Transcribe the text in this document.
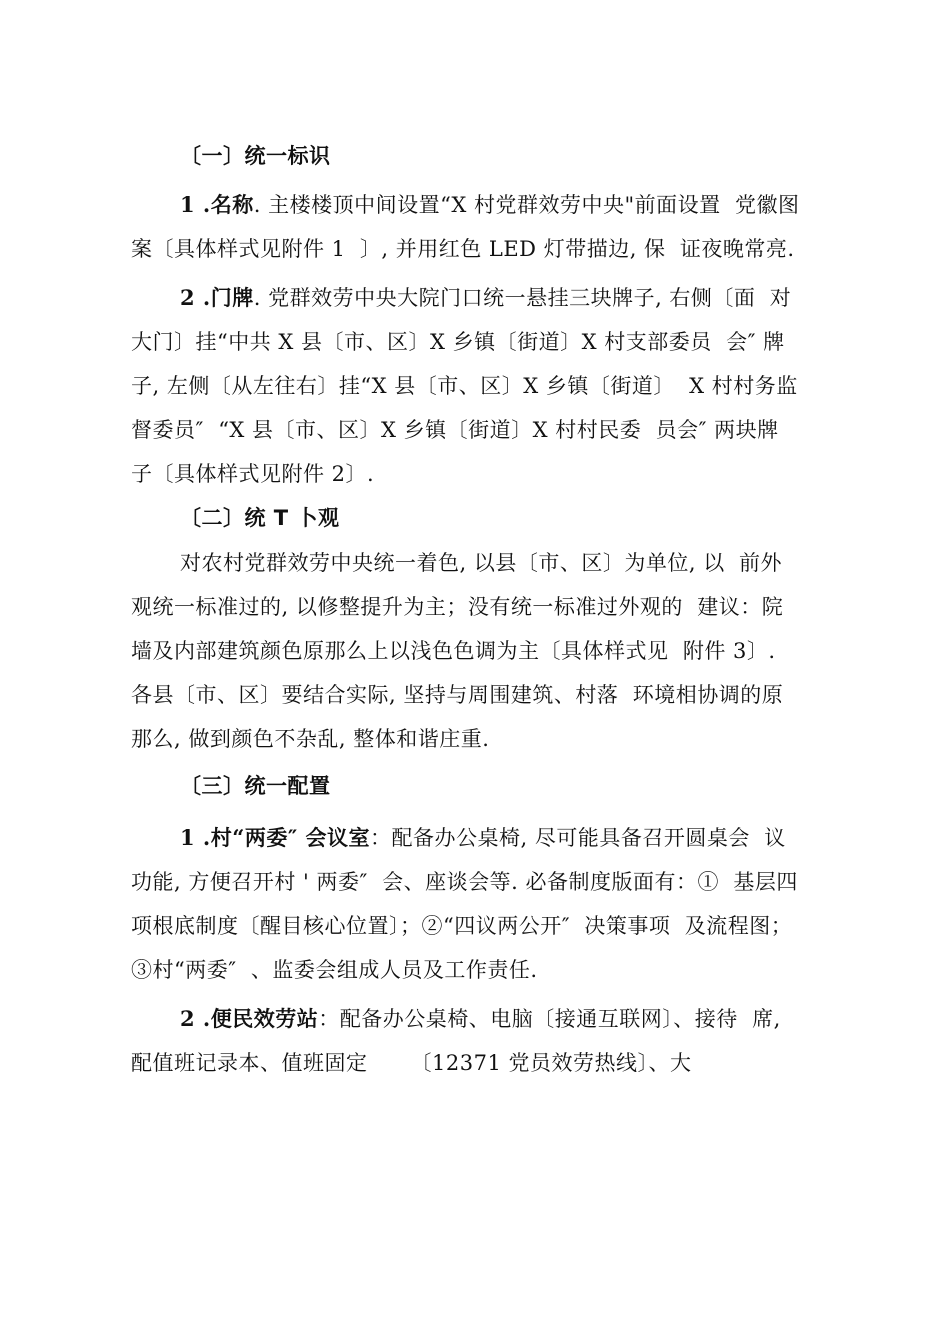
〔一〕统一标识
1 .名称. 主楼楼顶中间设置“X 村党群效劳中央"前面设置  党徽图
案〔具体样式见附件 1  〕, 并用红色 LED 灯带描边, 保  证夜晚常亮.
2 .门牌. 党群效劳中央大院门口统一悬挂三块牌子, 右侧〔面  对
大门〕挂“中共 X 县〔市、区〕X 乡镇〔街道〕X 村支部委员  会″ 牌
子, 左侧〔从左往右〕挂“X 县〔市、区〕X 乡镇〔街道〕  X 村村务监
督委员″  “X 县〔市、区〕X 乡镇〔街道〕X 村村民委  员会″ 两块牌
子〔具体样式见附件 2〕.
〔二〕统 T 卜观
对农村党群效劳中央统一着色, 以县〔市、区〕为单位, 以  前外
观统一标准过的, 以修整提升为主；没有统一标准过外观的  建议：院
墙及内部建筑颜色原那么上以浅色色调为主〔具体样式见  附件 3〕.
各县〔市、区〕要结合实际, 坚持与周围建筑、村落  环境相协调的原
那么, 做到颜色不杂乱, 整体和谐庄重.
〔三〕统一配置
1 .村“两委″ 会议室：配备办公桌椅, 尽可能具备召开圆桌会  议
功能, 方便召开村 ' 两委″  会、座谈会等. 必备制度版面有：①  基层四
项根底制度〔醒目核心位置〕；②“四议两公开″  决策事项  及流程图；
③村“两委″  、监委会组成人员及工作责任.
2 .便民效劳站：配备办公桌椅、电脑〔接通互联网〕、接待  席,
配值班记录本、值班固定      〔12371 党员效劳热线〕、大
